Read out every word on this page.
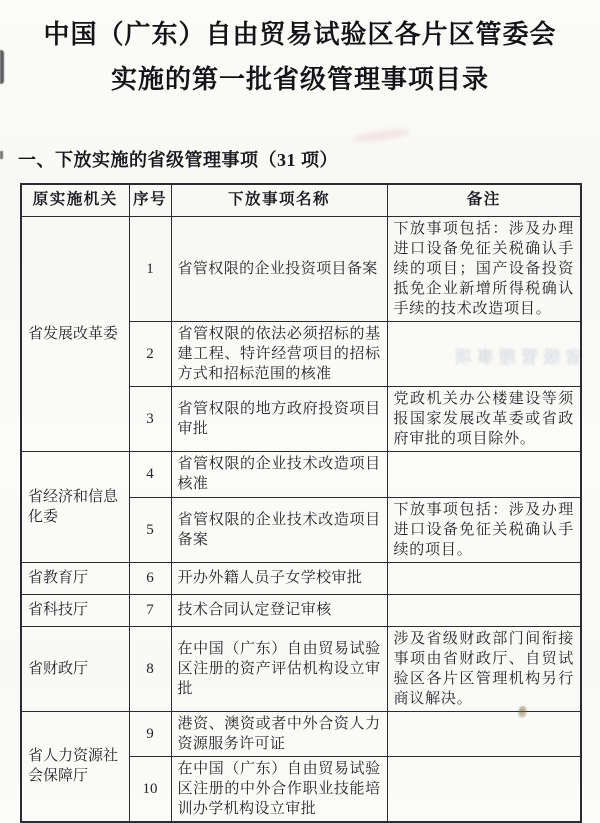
中国（广东）自由贸易试验区各片区管委会
实施的第一批省级管理事项目录
一、下放实施的省级管理事项（31 项）
原实施机关	序号	下放事项名称	备注
省发展改革委	1	省管权限的企业投资项目备案	下放事项包括：涉及办理进口设备免征关税确认手续的项目；国产设备投资抵免企业新增所得税确认手续的技术改造项目。
	2	省管权限的依法必须招标的基建工程、特许经营项目的招标方式和招标范围的核准	
	3	省管权限的地方政府投资项目审批	党政机关办公楼建设等须报国家发展改革委或省政府审批的项目除外。
省经济和信息化委	4	省管权限的企业技术改造项目核准	
	5	省管权限的企业技术改造项目备案	下放事项包括：涉及办理进口设备免征关税确认手续的项目。
省教育厅	6	开办外籍人员子女学校审批	
省科技厅	7	技术合同认定登记审核	
省财政厅	8	在中国（广东）自由贸易试验区注册的资产评估机构设立审批	涉及省级财政部门间衔接事项由省财政厅、自贸试验区各片区管理机构另行商议解决。
省人力资源社会保障厅	9	港资、澳资或者中外合资人力资源服务许可证	
	10	在中国（广东）自由贸易试验区注册的中外合作职业技能培训办学机构设立审批	
省级管理事项
